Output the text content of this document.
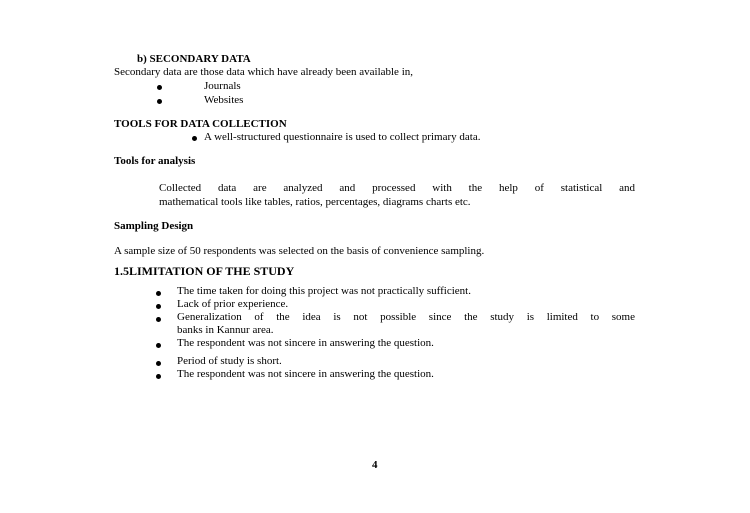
b) SECONDARY DATA
Secondary data are those data which have already been available in,
Journals
Websites
TOOLS FOR DATA COLLECTION
A well-structured questionnaire is used to collect primary data.
Tools for analysis
Collected data are analyzed and processed with the help of statistical and
mathematical tools like tables, ratios, percentages, diagrams charts etc.
Sampling Design
A sample size of 50 respondents was selected on the basis of convenience sampling.
1.5LIMITATION OF THE STUDY
The time taken for doing this project was not practically sufficient.
Lack of prior experience.
Generalization of the idea is not possible since the study is limited to some
banks in Kannur area.
The respondent was not sincere in answering the question.
Period of study is short.
The respondent was not sincere in answering the question.
4
